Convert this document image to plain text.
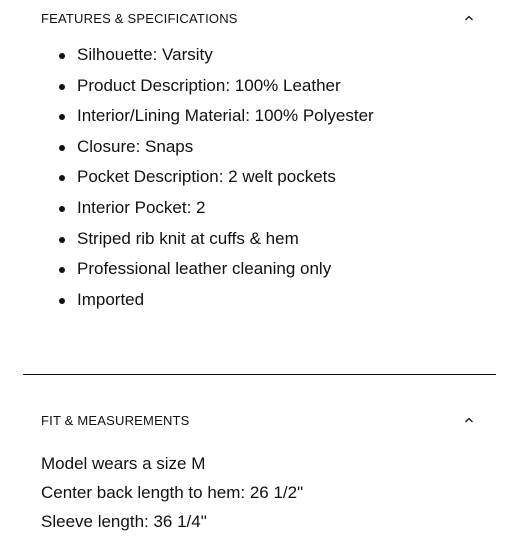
FEATURES & SPECIFICATIONS
Silhouette: Varsity
Product Description: 100% Leather
Interior/Lining Material: 100% Polyester
Closure: Snaps
Pocket Description: 2 welt pockets
Interior Pocket: 2
Striped rib knit at cuffs & hem
Professional leather cleaning only
Imported
FIT & MEASUREMENTS
Model wears a size M
Center back length to hem: 26 1/2"
Sleeve length: 36 1/4"
